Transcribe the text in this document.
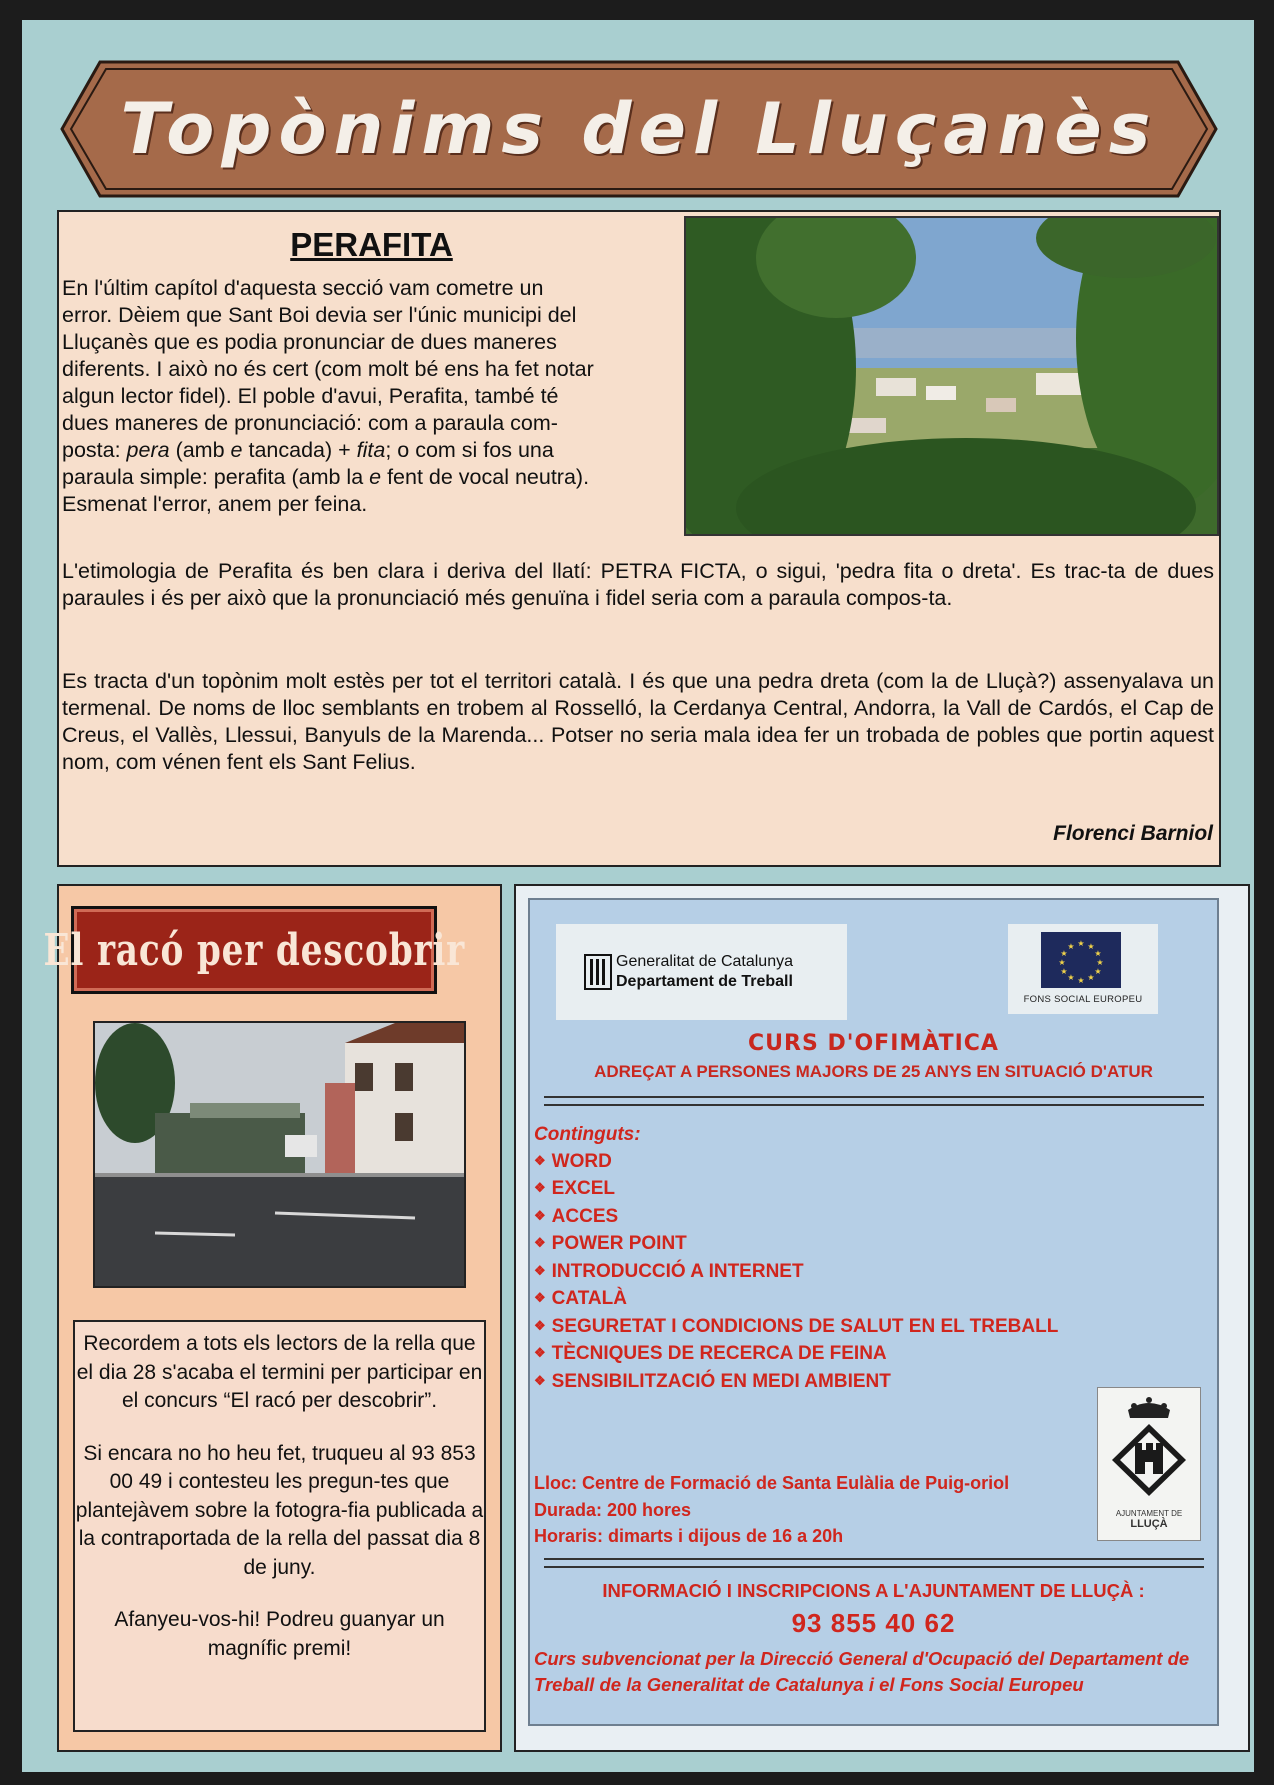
Topònims del Lluçanès
PERAFITA
En l'últim capítol d'aquesta secció vam cometre un
error. Dèiem que Sant Boi devia ser l'únic municipi del
Lluçanès que es podia pronunciar de dues maneres
diferents. I això no és cert (com molt bé ens ha fet notar
algun lector fidel). El poble d'avui, Perafita, també té
dues maneres de pronunciació: com a paraula com-
posta: pera (amb e tancada) + fita; o com si fos una
paraula simple: perafita (amb la e fent de vocal neutra).
Esmenat l'error, anem per feina.
L'etimologia de Perafita és ben clara i deriva del llatí: PETRA FICTA, o sigui, 'pedra fita o dreta'. Es trac-ta de dues paraules i és per això que la pronunciació més genuïna i fidel seria com a paraula compos-ta.
Es tracta d'un topònim molt estès per tot el territori català. I és que una pedra dreta (com la de Lluçà?) assenyalava un termenal. De noms de lloc semblants en trobem al Rosselló, la Cerdanya Central, Andorra, la Vall de Cardós, el Cap de Creus, el Vallès, Llessui, Banyuls de la Marenda... Potser no seria mala idea fer un trobada de pobles que portin aquest nom, com vénen fent els Sant Felius.
Florenci Barniol
El racó per descobrir

Recordem a tots els lectors de la rella que el dia 28 s'acaba el termini per participar en el concurs “El racó per descobrir”.

Si encara no ho heu fet, truqueu al 93 853 00 49 i contesteu les pregun-tes que plantejàvem sobre la fotogra-fia publicada a la contraportada de la rella del passat dia 8 de juny.

Afanyeu-vos-hi! Podreu guanyar un magnífic premi!

Generalitat de Catalunya
Departament de Treball
★ ★
★
★
★
★
★
★
★
★
★
★
FONS SOCIAL EUROPEU
CURS D'OFIMÀTICA
ADREÇAT A PERSONES MAJORS DE 25 ANYS EN SITUACIÓ D'ATUR
Continguts:
❖ WORD
❖ EXCEL
❖ ACCES
❖ POWER POINT
❖ INTRODUCCIÓ A INTERNET
❖ CATALÀ
❖ SEGURETAT I CONDICIONS DE SALUT EN EL TREBALL
❖ TÈCNIQUES DE RECERCA DE FEINA
❖ SENSIBILITZACIÓ EN MEDI AMBIENT
AJUNTAMENT DE
LLUÇÀ
Lloc: Centre de Formació de Santa Eulàlia de Puig-oriol
Durada: 200 hores
Horaris: dimarts i dijous de 16 a 20h
INFORMACIÓ I INSCRIPCIONS A L'AJUNTAMENT DE LLUÇÀ :
93 855 40 62
Curs subvencionat per la Direcció General d'Ocupació del Departament de Treball de la Generalitat de Catalunya i el Fons Social Europeu
